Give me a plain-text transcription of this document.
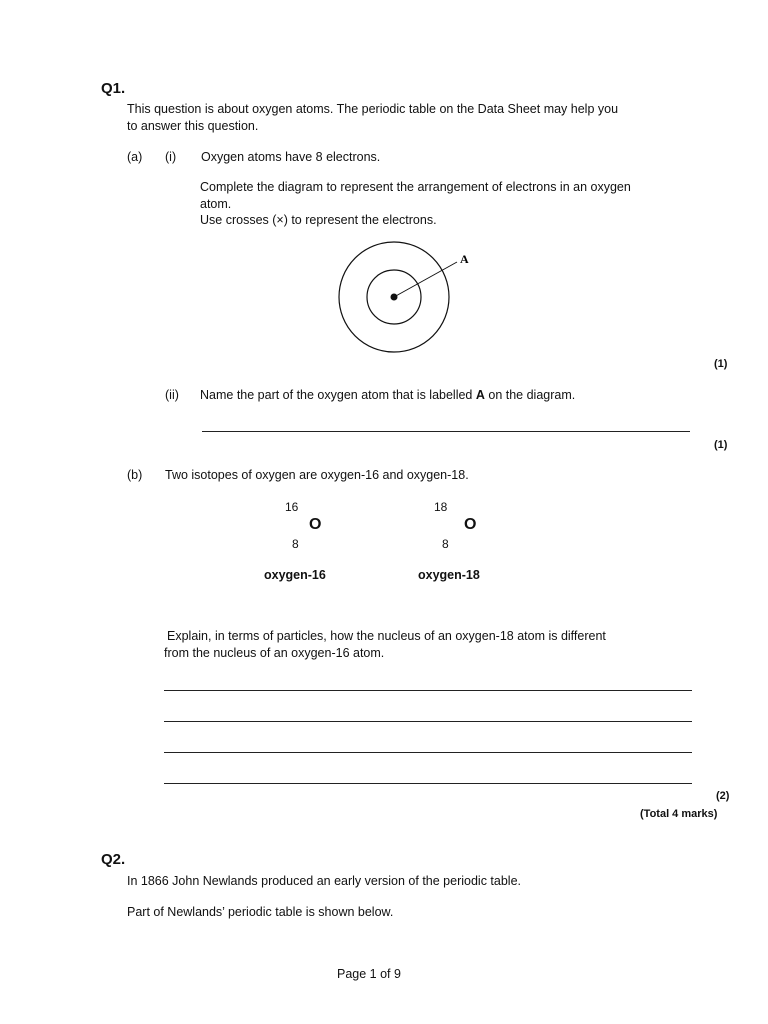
Q1.
This question is about oxygen atoms. The periodic table on the Data Sheet may help you
to answer this question.
(a) (i) Oxygen atoms have 8 electrons.
Complete the diagram to represent the arrangement of electrons in an oxygen
atom.
Use crosses (×) to represent the electrons.
A
(1)
(ii) Name the part of the oxygen atom that is labelled A on the diagram.
(1)
(b) Two isotopes of oxygen are oxygen-16 and oxygen-18.
16
O
8
oxygen-16
18
O
8
oxygen-18
Explain, in terms of particles, how the nucleus of an oxygen-18 atom is different
from the nucleus of an oxygen-16 atom.
(2)
(Total 4 marks)
Q2.
In 1866 John Newlands produced an early version of the periodic table.
Part of Newlands’ periodic table is shown below.
Page 1 of 9
